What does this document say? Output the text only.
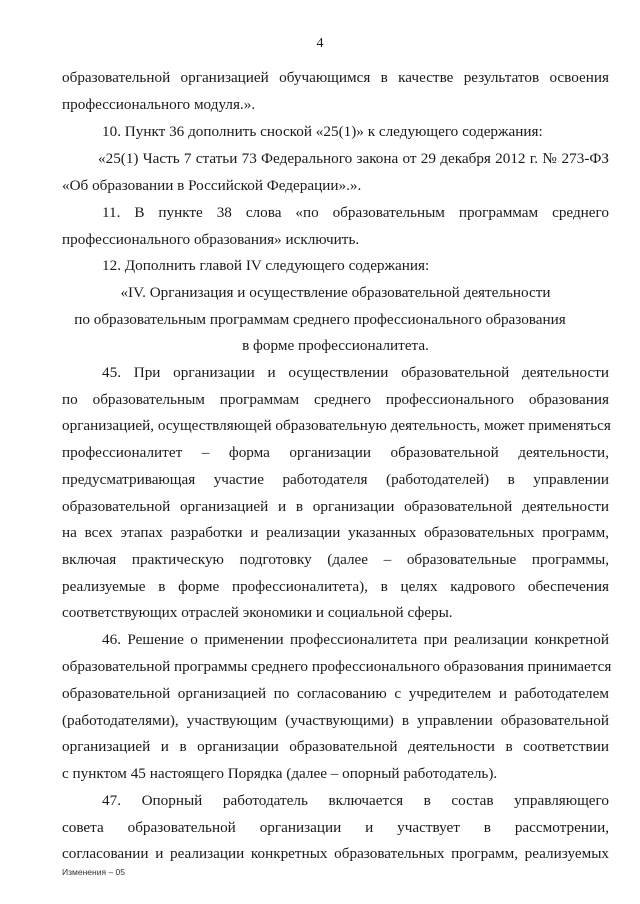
4
образовательной организацией обучающимся в качестве результатов освоения
профессионального модуля.».
10. Пункт 36 дополнить сноской «25(1)» к следующего содержания:
«25(1) Часть 7 статьи 73 Федерального закона от 29 декабря 2012 г. № 273-ФЗ
«Об образовании в Российской Федерации».».
11. В пункте 38 слова «по образовательным программам среднего
профессионального образования» исключить.
12. Дополнить главой IV следующего содержания:
«IV. Организация и осуществление образовательной деятельности
по образовательным программам среднего профессионального образования
в форме профессионалитета.
45. При организации и осуществлении образовательной деятельности
по образовательным программам среднего профессионального образования
организацией, осуществляющей образовательную деятельность, может применяться
профессионалитет – форма организации образовательной деятельности,
предусматривающая участие работодателя (работодателей) в управлении
образовательной организацией и в организации образовательной деятельности
на всех этапах разработки и реализации указанных образовательных программ,
включая практическую подготовку (далее – образовательные программы,
реализуемые в форме профессионалитета), в целях кадрового обеспечения
соответствующих отраслей экономики и социальной сферы.
46. Решение о применении профессионалитета при реализации конкретной
образовательной программы среднего профессионального образования принимается
образовательной организацией по согласованию с учредителем и работодателем
(работодателями), участвующим (участвующими) в управлении образовательной
организацией и в организации образовательной деятельности в соответствии
с пунктом 45 настоящего Порядка (далее – опорный работодатель).
47. Опорный работодатель включается в состав управляющего
совета образовательной организации и участвует в рассмотрении,
согласовании и реализации конкретных образовательных программ, реализуемых
Изменения – 05
